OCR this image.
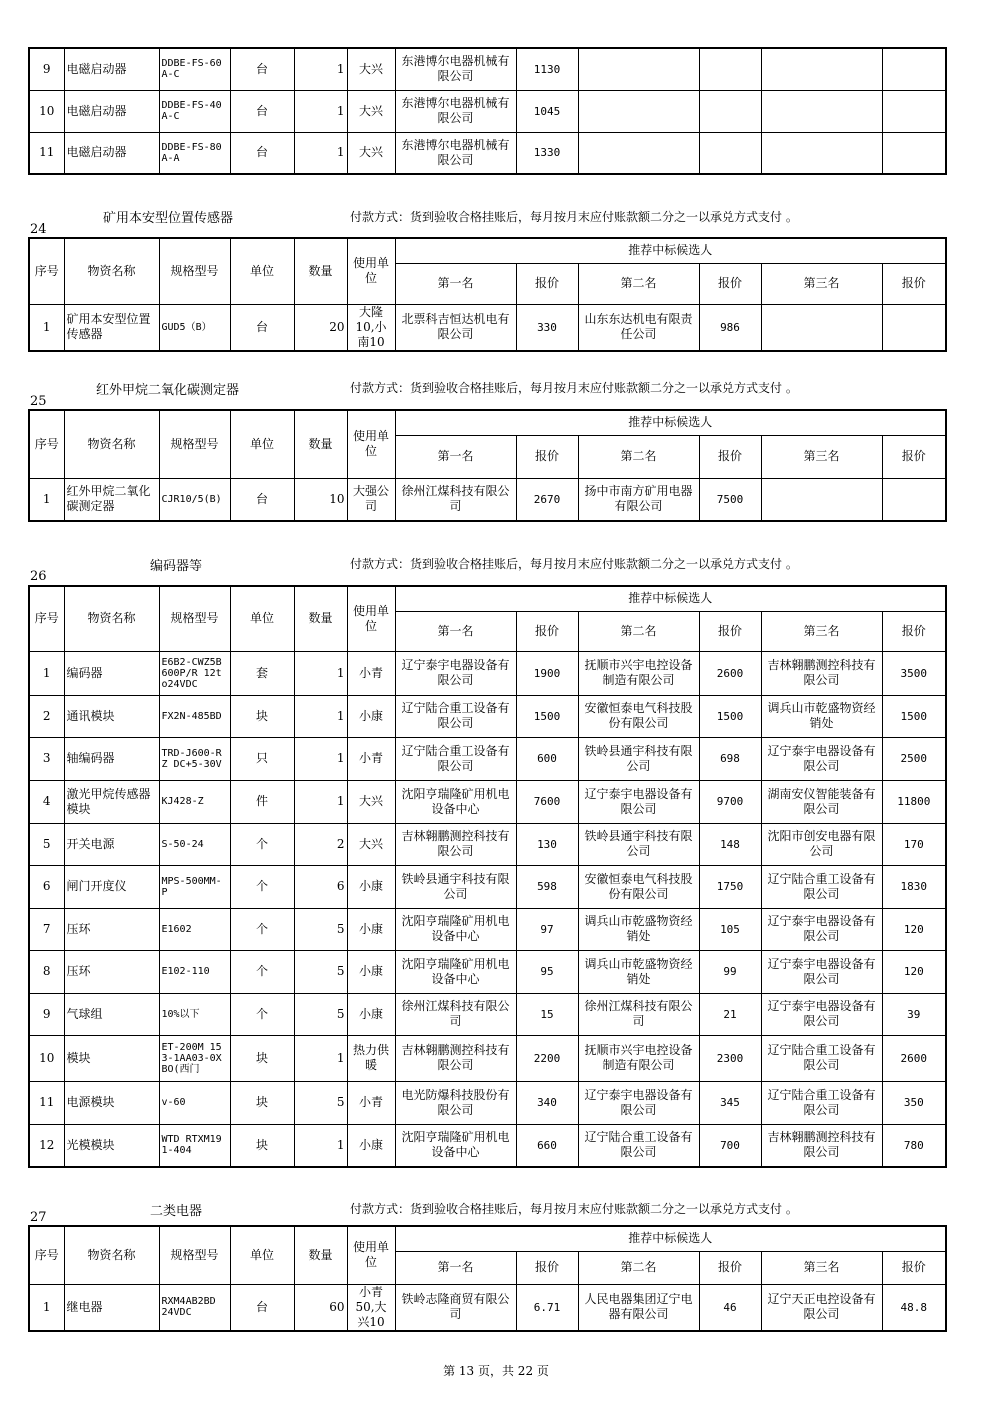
9	电磁启动器	DDBE-FS-60A-C	台	1	大兴	东港博尔电器机械有限公司	1130				
10	电磁启动器	DDBE-FS-40A-C	台	1	大兴	东港博尔电器机械有限公司	1045				
11	电磁启动器	DDBE-FS-80A-A	台	1	大兴	东港博尔电器机械有限公司	1330				
矿用本安型位置传感器
24
付款方式：货到验收合格挂账后，每月按月末应付账款额二分之一以承兑方式支付 。
序号	物资名称	规格型号	单位	数量	使用单位	推荐中标候选人					
						第一名	报价	第二名	报价	第三名	报价
1	矿用本安型位置传感器	GUD5（B）	台	20	大隆10,小南10	北票科吉恒达机电有限公司	330	山东东达机电有限责任公司	986		
红外甲烷二氧化碳测定器
25
付款方式：货到验收合格挂账后，每月按月末应付账款额二分之一以承兑方式支付 。
序号	物资名称	规格型号	单位	数量	使用单位	推荐中标候选人					
						第一名	报价	第二名	报价	第三名	报价
1	红外甲烷二氧化碳测定器	CJR10/5(B)	台	10	大强公司	徐州江煤科技有限公司	2670	扬中市南方矿用电器有限公司	7500		
编码器等
26
付款方式：货到验收合格挂账后，每月按月末应付账款额二分之一以承兑方式支付 。
序号	物资名称	规格型号	单位	数量	使用单位	推荐中标候选人					
						第一名	报价	第二名	报价	第三名	报价
1	编码器	E6B2-CWZ5B 600P/R 12to24VDC	套	1	小青	辽宁泰宇电器设备有限公司	1900	抚顺市兴宇电控设备制造有限公司	2600	吉林翱鹏测控科技有限公司	3500
2	通讯模块	FX2N-485BD	块	1	小康	辽宁陆合重工设备有限公司	1500	安徽恒泰电气科技股份有限公司	1500	调兵山市乾盛物资经销处	1500
3	轴编码器	TRD-J600-RZ DC+5-30V	只	1	小青	辽宁陆合重工设备有限公司	600	铁岭县通宇科技有限公司	698	辽宁泰宇电器设备有限公司	2500
4	激光甲烷传感器模块	KJ428-Z	件	1	大兴	沈阳亨瑞隆矿用机电设备中心	7600	辽宁泰宇电器设备有限公司	9700	湖南安仪智能装备有限公司	11800
5	开关电源	S-50-24	个	2	大兴	吉林翱鹏测控科技有限公司	130	铁岭县通宇科技有限公司	148	沈阳市创安电器有限公司	170
6	闸门开度仪	MPS-500MM-P	个	6	小康	铁岭县通宇科技有限公司	598	安徽恒泰电气科技股份有限公司	1750	辽宁陆合重工设备有限公司	1830
7	压环	E1602	个	5	小康	沈阳亨瑞隆矿用机电设备中心	97	调兵山市乾盛物资经销处	105	辽宁泰宇电器设备有限公司	120
8	压环	E102-110	个	5	小康	沈阳亨瑞隆矿用机电设备中心	95	调兵山市乾盛物资经销处	99	辽宁泰宇电器设备有限公司	120
9	气球组	10%以下	个	5	小康	徐州江煤科技有限公司	15	徐州江煤科技有限公司	21	辽宁泰宇电器设备有限公司	39
10	模块	ET-200M 153-1AA03-0XBO(西门	块	1	热力供暖	吉林翱鹏测控科技有限公司	2200	抚顺市兴宇电控设备制造有限公司	2300	辽宁陆合重工设备有限公司	2600
11	电源模块	v-60	块	5	小青	电光防爆科技股份有限公司	340	辽宁泰宇电器设备有限公司	345	辽宁陆合重工设备有限公司	350
12	光模模块	WTD RTXM191-404	块	1	小康	沈阳亨瑞隆矿用机电设备中心	660	辽宁陆合重工设备有限公司	700	吉林翱鹏测控科技有限公司	780
二类电器
27
付款方式：货到验收合格挂账后，每月按月末应付账款额二分之一以承兑方式支付 。
序号	物资名称	规格型号	单位	数量	使用单位	推荐中标候选人					
						第一名	报价	第二名	报价	第三名	报价
1	继电器	RXM4AB2BD 24VDC	台	60	小青50,大兴10	铁岭志隆商贸有限公司	6.71	人民电器集团辽宁电器有限公司	46	辽宁天正电控设备有限公司	48.8
第 13 页，共 22 页
